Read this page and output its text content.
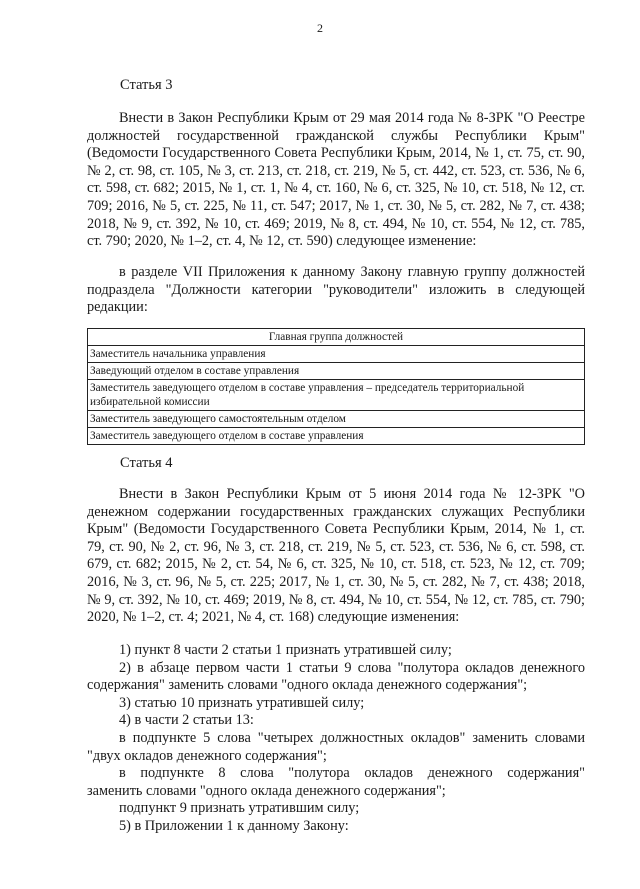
2
Статья 3
Внести в Закон Республики Крым от 29 мая 2014 года № 8-ЗРК "О Реестре должностей государственной гражданской службы Республики Крым" (Ведомости Государственного Совета Республики Крым, 2014, № 1, ст. 75, ст. 90, № 2, ст. 98, ст. 105, № 3, ст. 213, ст. 218, ст. 219, № 5, ст. 442, ст. 523, ст. 536, № 6, ст. 598, ст. 682; 2015, № 1, ст. 1, № 4, ст. 160, № 6, ст. 325, № 10, ст. 518, № 12, ст. 709; 2016, № 5, ст. 225, № 11, ст. 547; 2017, № 1, ст. 30, № 5, ст. 282, № 7, ст. 438; 2018, № 9, ст. 392, № 10, ст. 469; 2019, № 8, ст. 494, № 10, ст. 554, № 12, ст. 785, ст. 790; 2020, № 1–2, ст. 4, № 12, ст. 590) следующее изменение:
в разделе VII Приложения к данному Закону главную группу должностей подраздела "Должности категории "руководители" изложить в следующей редакции:
Главная группа должностей
Заместитель начальника управления
Заведующий отделом в составе управления
Заместитель заведующего отделом в составе управления – председатель территориальной избирательной комиссии
Заместитель заведующего самостоятельным отделом
Заместитель заведующего отделом в составе управления
Статья 4
Внести в Закон Республики Крым от 5 июня 2014 года № 12-ЗРК "О денежном содержании государственных гражданских служащих Республики Крым" (Ведомости Государственного Совета Республики Крым, 2014, № 1, ст. 79, ст. 90, № 2, ст. 96, № 3, ст. 218, ст. 219, № 5, ст. 523, ст. 536, № 6, ст. 598, ст. 679, ст. 682; 2015, № 2, ст. 54, № 6, ст. 325, № 10, ст. 518, ст. 523, № 12, ст. 709; 2016, № 3, ст. 96, № 5, ст. 225; 2017, № 1, ст. 30, № 5, ст. 282, № 7, ст. 438; 2018, № 9, ст. 392, № 10, ст. 469; 2019, № 8, ст. 494, № 10, ст. 554, № 12, ст. 785, ст. 790; 2020, № 1–2, ст. 4; 2021, № 4, ст. 168) следующие изменения:
1) пункт 8 части 2 статьи 1 признать утратившей силу;
2) в абзаце первом части 1 статьи 9 слова "полутора окладов денежного
содержания" заменить словами "одного оклада денежного содержания";
3) статью 10 признать утратившей силу;
4) в части 2 статьи 13:
в подпункте 5 слова "четырех должностных окладов" заменить словами
"двух окладов денежного содержания";
в подпункте 8 слова "полутора окладов денежного содержания"
заменить словами "одного оклада денежного содержания";
подпункт 9 признать утратившим силу;
5) в Приложении 1 к данному Закону:
